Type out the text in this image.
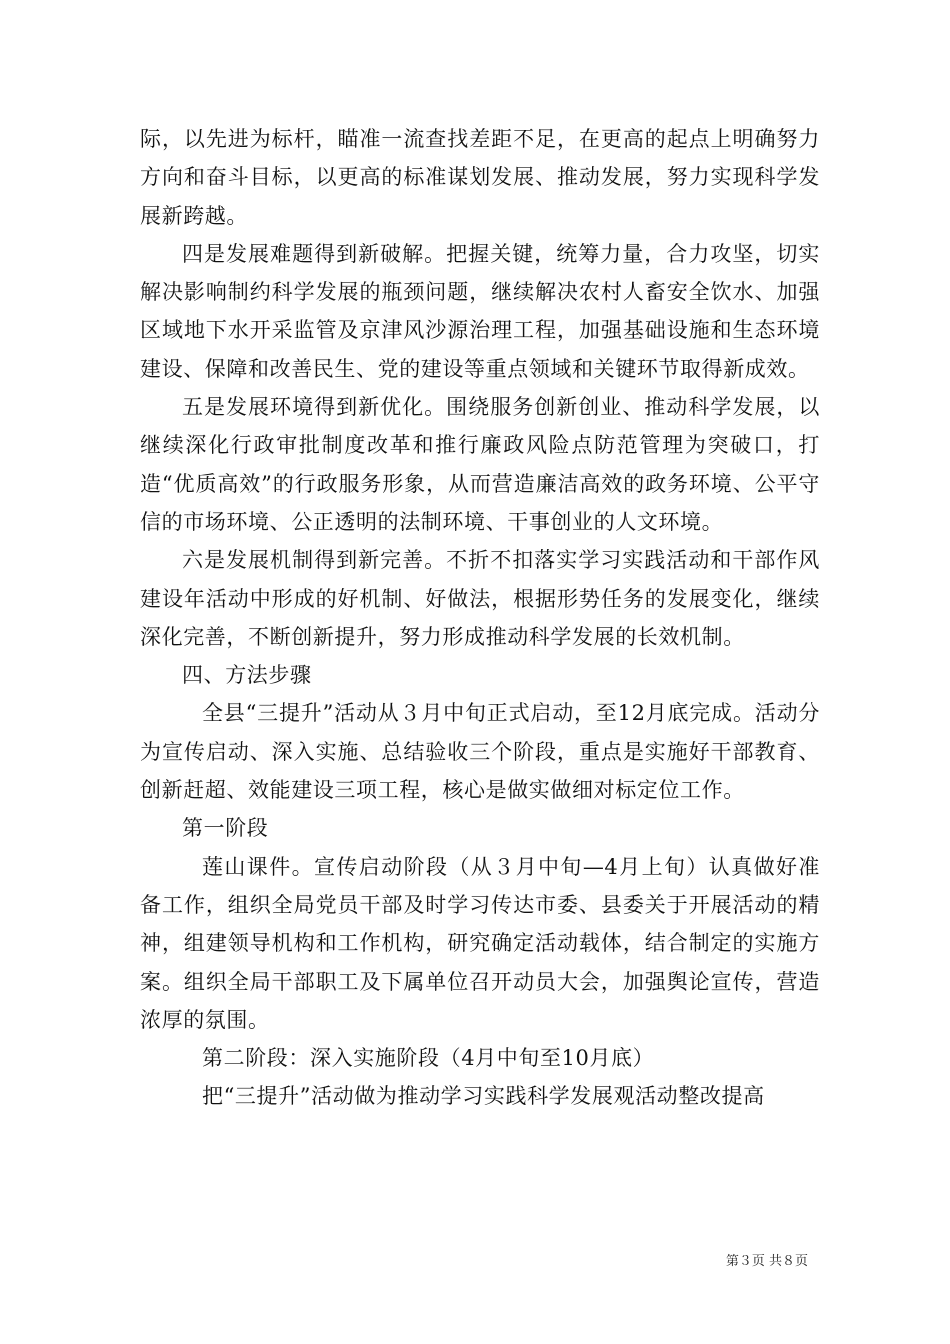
际，以先进为标杆，瞄准一流查找差距不足，在更高的起点上明确努力方向和奋斗目标，以更高的标准谋划发展、推动发展，努力实现科学发展新跨越。

四是发展难题得到新破解。把握关键，统筹力量，合力攻坚，切实解决影响制约科学发展的瓶颈问题，继续解决农村人畜安全饮水、加强区域地下水开采监管及京津风沙源治理工程，加强基础设施和生态环境建设、保障和改善民生、党的建设等重点领域和关键环节取得新成效。

五是发展环境得到新优化。围绕服务创新创业、推动科学发展，以继续深化行政审批制度改革和推行廉政风险点防范管理为突破口，打造“优质高效”的行政服务形象，从而营造廉洁高效的政务环境、公平守信的市场环境、公正透明的法制环境、干事创业的人文环境。

六是发展机制得到新完善。不折不扣落实学习实践活动和干部作风建设年活动中形成的好机制、好做法，根据形势任务的发展变化，继续深化完善，不断创新提升，努力形成推动科学发展的长效机制。

四、方法步骤

全县“三提升”活动从３月中旬正式启动，至12月底完成。活动分为宣传启动、深入实施、总结验收三个阶段，重点是实施好干部教育、创新赶超、效能建设三项工程，核心是做实做细对标定位工作。

第一阶段

莲山课件。宣传启动阶段（从３月中旬—4月上旬）认真做好准备工作，组织全局党员干部及时学习传达市委、县委关于开展活动的精神，组建领导机构和工作机构，研究确定活动载体，结合制定的实施方案。组织全局干部职工及下属单位召开动员大会，加强舆论宣传，营造浓厚的氛围。

第二阶段：深入实施阶段（4月中旬至10月底）

把“三提升”活动做为推动学习实践科学发展观活动整改提高

第３页 共８页
